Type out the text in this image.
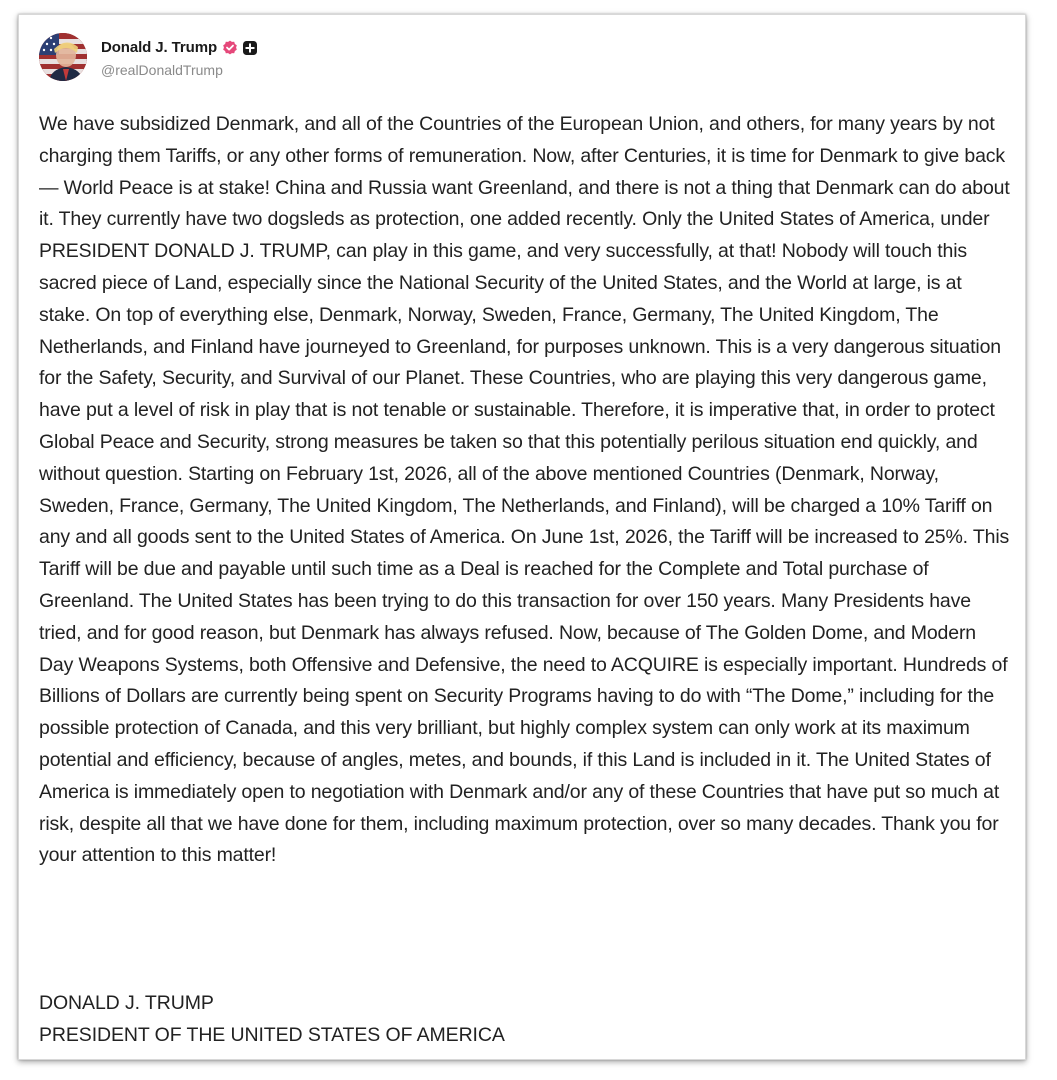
Donald J. Trump
@realDonaldTrump

We have subsidized Denmark, and all of the Countries of the European Union, and others, for many years by not charging them Tariffs, or any other forms of remuneration. Now, after Centuries, it is time for Denmark to give back — World Peace is at stake! China and Russia want Greenland, and there is not a thing that Denmark can do about it. They currently have two dogsleds as protection, one added recently. Only the United States of America, under PRESIDENT DONALD J. TRUMP, can play in this game, and very successfully, at that! Nobody will touch this sacred piece of Land, especially since the National Security of the United States, and the World at large, is at stake. On top of everything else, Denmark, Norway, Sweden, France, Germany, The United Kingdom, The Netherlands, and Finland have journeyed to Greenland, for purposes unknown. This is a very dangerous situation for the Safety, Security, and Survival of our Planet. These Countries, who are playing this very dangerous game, have put a level of risk in play that is not tenable or sustainable. Therefore, it is imperative that, in order to protect Global Peace and Security, strong measures be taken so that this potentially perilous situation end quickly, and without question. Starting on February 1st, 2026, all of the above mentioned Countries (Denmark, Norway, Sweden, France, Germany, The United Kingdom, The Netherlands, and Finland), will be charged a 10% Tariff on any and all goods sent to the United States of America. On June 1st, 2026, the Tariff will be increased to 25%. This Tariff will be due and payable until such time as a Deal is reached for the Complete and Total purchase of Greenland. The United States has been trying to do this transaction for over 150 years. Many Presidents have tried, and for good reason, but Denmark has always refused. Now, because of The Golden Dome, and Modern Day Weapons Systems, both Offensive and Defensive, the need to ACQUIRE is especially important. Hundreds of Billions of Dollars are currently being spent on Security Programs having to do with “The Dome,” including for the possible protection of Canada, and this very brilliant, but highly complex system can only work at its maximum potential and efficiency, because of angles, metes, and bounds, if this Land is included in it. The United States of America is immediately open to negotiation with Denmark and/or any of these Countries that have put so much at risk, despite all that we have done for them, including maximum protection, over so many decades. Thank you for your attention to this matter!

DONALD J. TRUMP
PRESIDENT OF THE UNITED STATES OF AMERICA
